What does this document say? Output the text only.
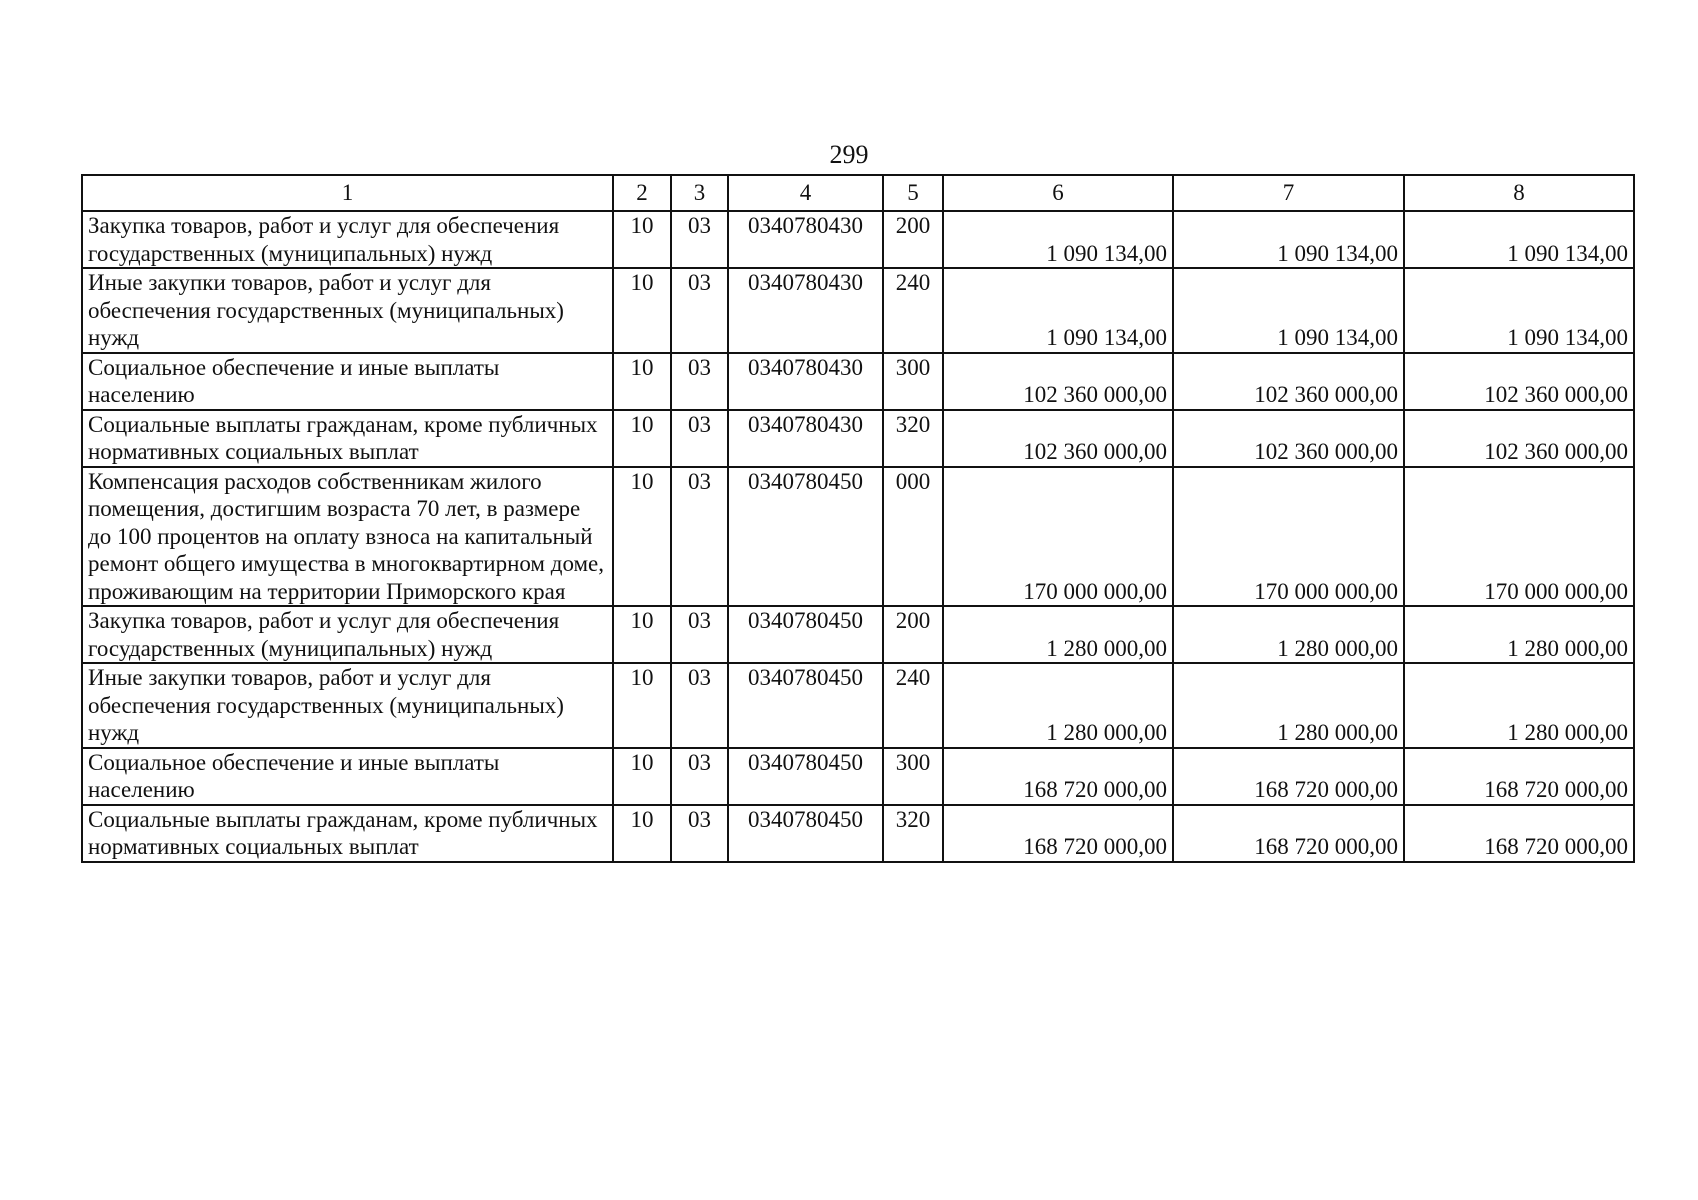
299
1	2	3	4	5	6	7	8
Закупка товаров, работ и услуг для обеспечения государственных (муниципальных) нужд	10	03	0340780430	200	1 090 134,00	1 090 134,00	1 090 134,00
Иные закупки товаров, работ и услуг для обеспечения государственных (муниципальных) нужд	10	03	0340780430	240	1 090 134,00	1 090 134,00	1 090 134,00
Социальное обеспечение и иные выплаты населению	10	03	0340780430	300	102 360 000,00	102 360 000,00	102 360 000,00
Социальные выплаты гражданам, кроме публичных нормативных социальных выплат	10	03	0340780430	320	102 360 000,00	102 360 000,00	102 360 000,00
Компенсация расходов собственникам жилого помещения, достигшим возраста 70 лет, в размере до 100 процентов на оплату взноса на капитальный ремонт общего имущества в многоквартирном доме, проживающим на территории Приморского края	10	03	0340780450	000	170 000 000,00	170 000 000,00	170 000 000,00
Закупка товаров, работ и услуг для обеспечения государственных (муниципальных) нужд	10	03	0340780450	200	1 280 000,00	1 280 000,00	1 280 000,00
Иные закупки товаров, работ и услуг для обеспечения государственных (муниципальных) нужд	10	03	0340780450	240	1 280 000,00	1 280 000,00	1 280 000,00
Социальное обеспечение и иные выплаты населению	10	03	0340780450	300	168 720 000,00	168 720 000,00	168 720 000,00
Социальные выплаты гражданам, кроме публичных нормативных социальных выплат	10	03	0340780450	320	168 720 000,00	168 720 000,00	168 720 000,00
